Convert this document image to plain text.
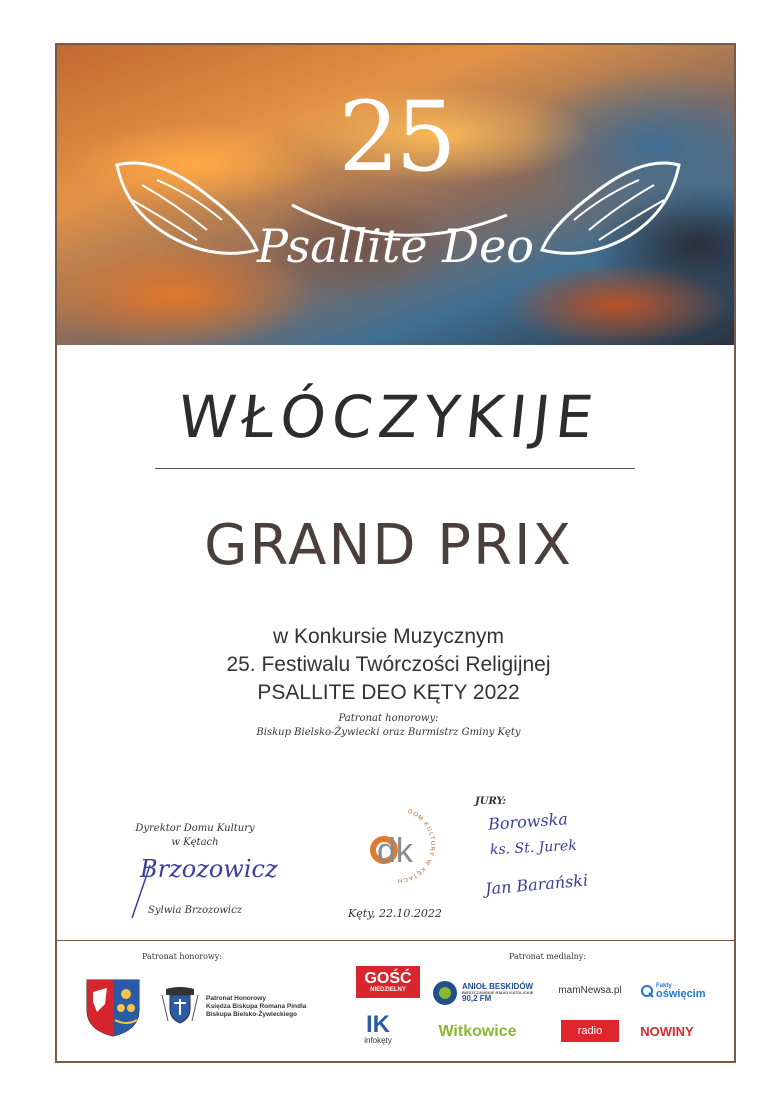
25
Psallite Deo
WŁÓCZYKIJE
GRAND PRIX
w Konkursie Muzycznym
25. Festiwalu Twórczości Religijnej
PSALLITE DEO KĘTY 2022
Patronat honorowy:
Biskup Bielsko-Żywiecki oraz Burmistrz Gminy Kęty
Dyrektor Domu Kultury
w Kętach
Brzozowicz
Sylwia Brzozowicz
DOM KULTURY W KĘTACH
dk
Kęty, 22.10.2022
JURY:
Borowska
ks. St. Jurek
Jan Barański
Patronat honorowy:	Patronat medialny:
Patronat Honorowy
Księdza Biskupa Romana Pindla
Biskupa Bielsko-Żywieckiego
GOŚĆ
NIEDZIELNY	ANIOŁ BESKIDÓW
BIESZCZAŃSKIE RADIO KATOLICKIE
90,2 FM
mamNewsa.pl	Fakty
oświęcim
IK
infokęty
Witkowice	radio	NOWINY
